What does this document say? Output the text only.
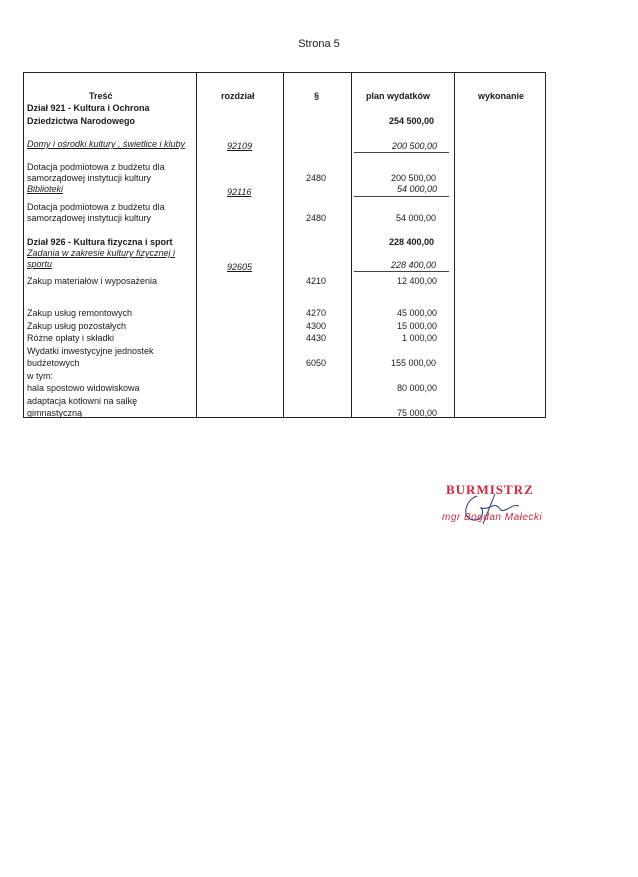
Strona 5
Treść	rozdział	§	plan wydatków	wykonanie
Dział 921 - Kultura i Ochrona
Dziedzictwa Narodowego	254 500,00
Domy i ośrodki kultury , świetlice i kluby	92109	200 500,00
Dotacja podmiotowa z budżetu dla
samorządowej instytucji kultury	2480	200 500,00
Biblioteki	92116	54 000,00
Dotacja podmiotowa z budżetu dla
samorządowej instytucji kultury	2480	54 000,00
Dział 926 - Kultura fizyczna i sport	228 400,00
Zadania w zakresie kultury fizycznej i
sportu	92605	228 400,00
Zakup materiałów i wyposażenia	4210	12 400,00
Zakup usług remontowych	4270	45 000,00
Zakup usług pozostałych	4300	15 000,00
Różne opłaty i składki	4430	1 000,00
Wydatki inwestycyjne jednostek
budżetowych	6050	155 000,00
w tym:
hala spostowo widowiskowa	80 000,00
adaptacja kotłowni na salkę
gimnastyczną	75 000,00
BURMISTRZ
mgr Bogdan Małecki
